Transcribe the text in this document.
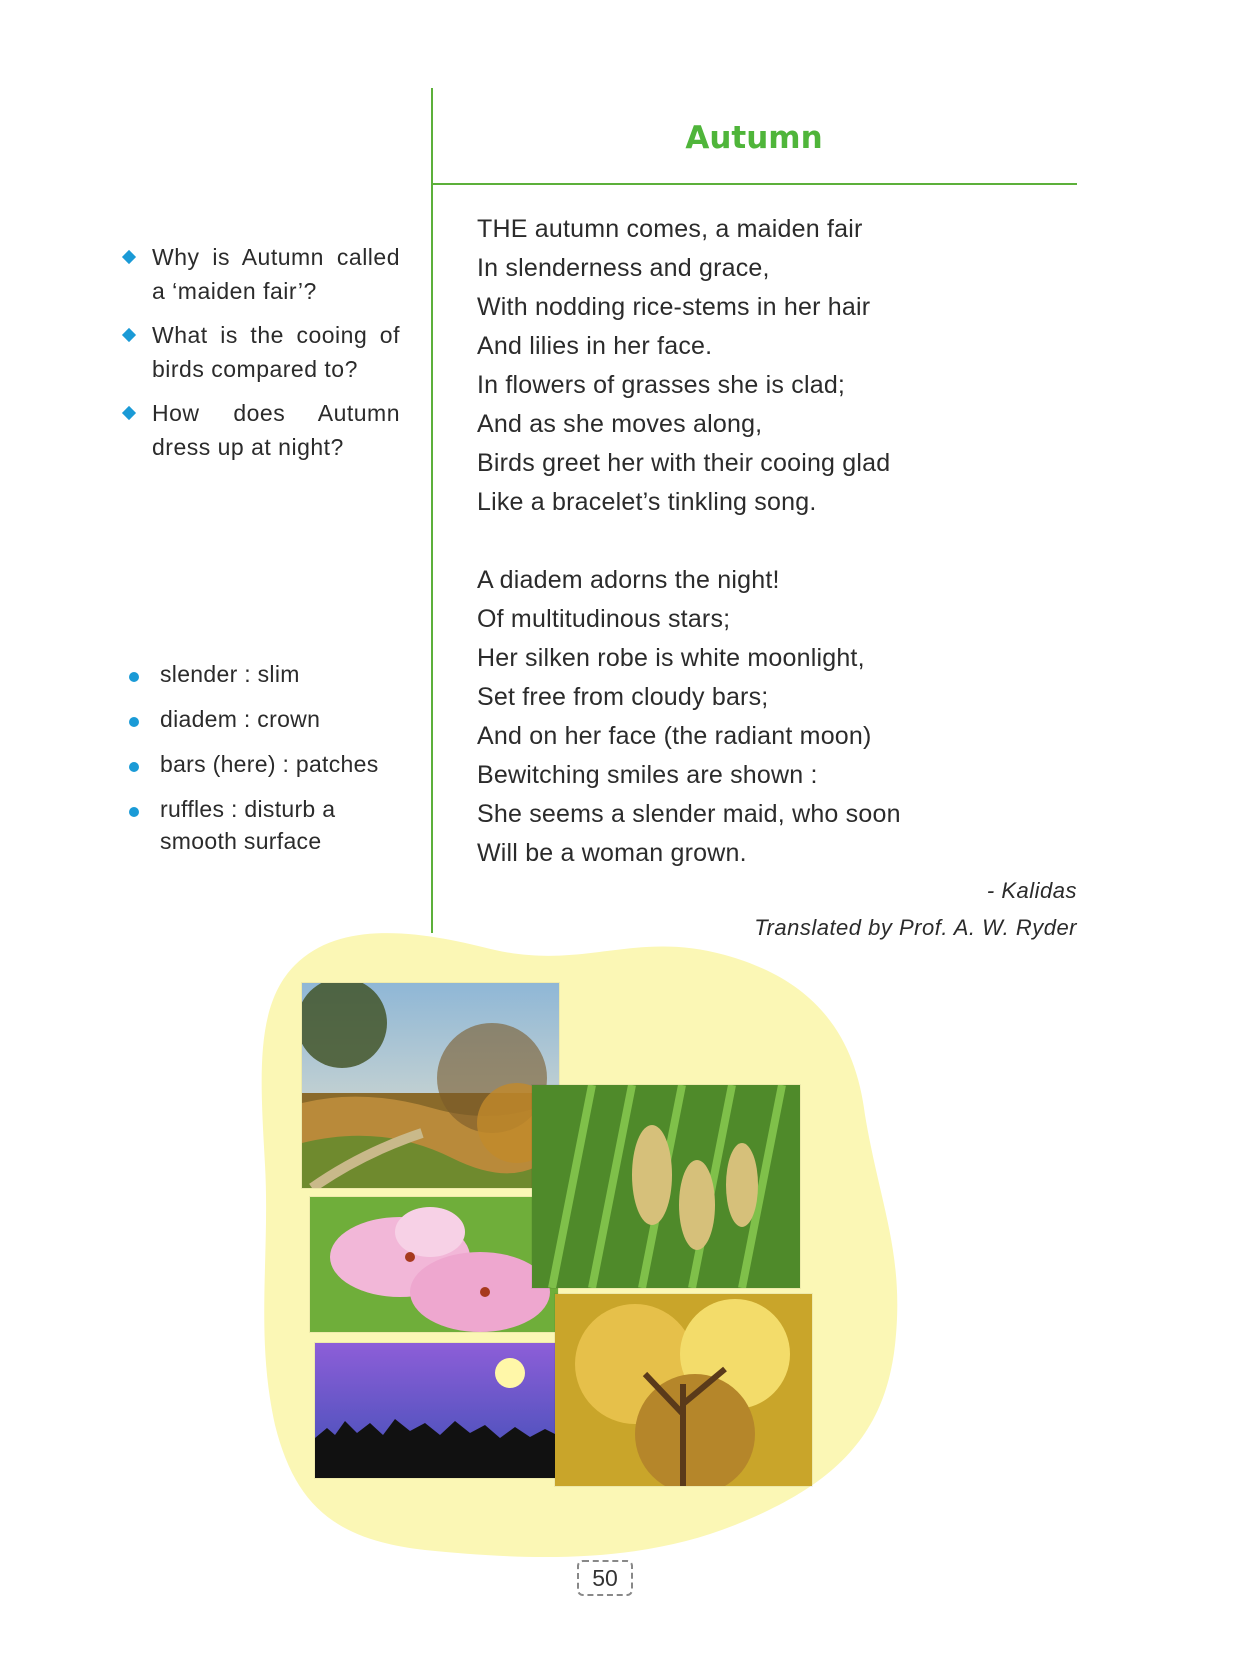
Autumn
Why is Autumn called a ‘maiden fair’?
What is the cooing of birds compared to?
How does Autumn dress up at night?
slender : slim
diadem : crown
bars (here) : patches
ruffles : disturb a smooth surface
THE autumn comes, a maiden fair
In slenderness and grace,
With nodding rice-stems in her hair
And lilies in her face.
In flowers of grasses she is clad;
And as she moves along,
Birds greet her with their cooing glad
Like a bracelet’s tinkling song.
A diadem adorns the night!
Of multitudinous stars;
Her silken robe is white moonlight,
Set free from cloudy bars;
And on her face (the radiant moon)
Bewitching smiles are shown :
She seems a slender maid, who soon
Will be a woman grown.
- Kalidas
Translated by Prof. A. W. Ryder
50
